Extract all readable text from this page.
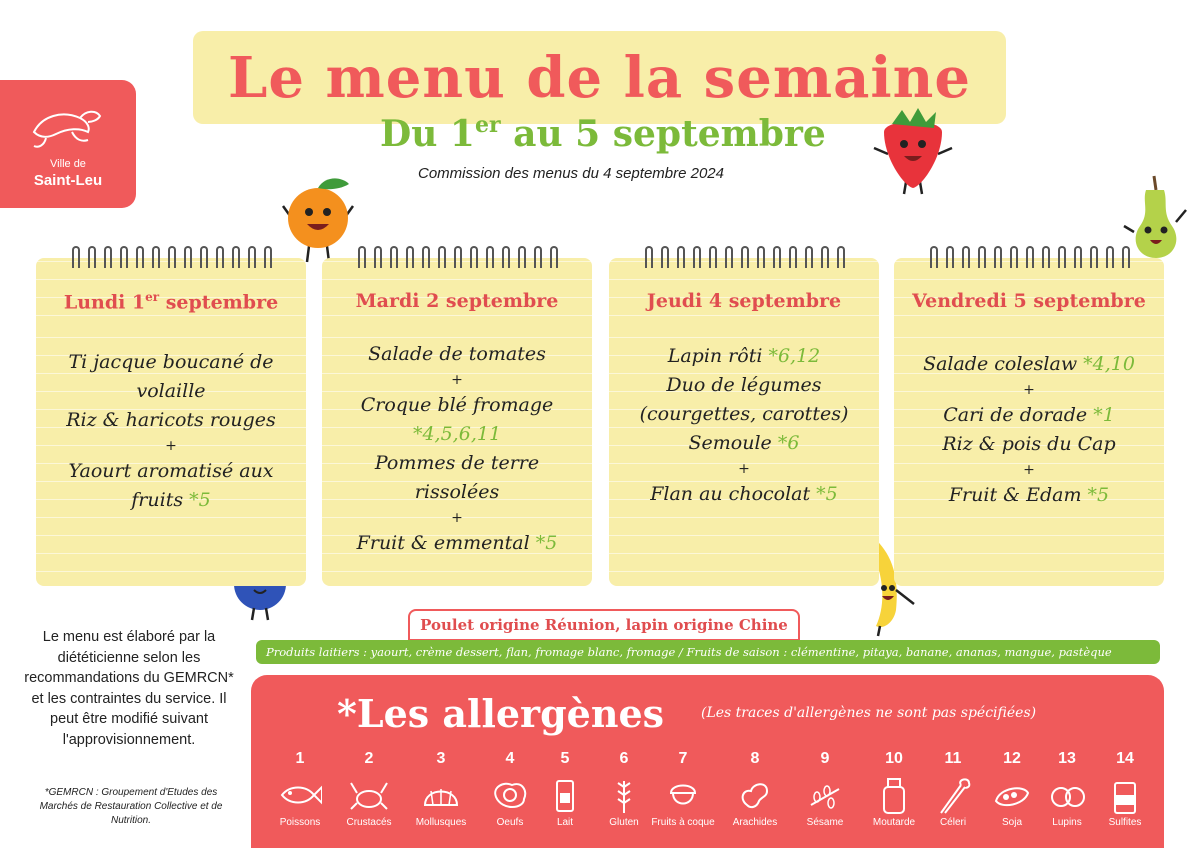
Ville de
Saint-Leu
Le menu de la semaine
Du 1er au 5 septembre
Commission des menus du 4 septembre 2024
Lundi 1er septembre
Ti jacque boucané de volaille
Riz & haricots rouges
+
Yaourt aromatisé aux fruits *5
Mardi 2 septembre
Salade de tomates
+
Croque blé fromage
*4,5,6,11
Pommes de terre rissolées
+
Fruit & emmental *5
Jeudi 4 septembre
Lapin rôti *6,12
Duo de légumes
(courgettes, carottes)
Semoule *6
+
Flan au chocolat *5
Vendredi 5 septembre
Salade coleslaw *4,10
+
Cari de dorade *1
Riz & pois du Cap
+
Fruit & Edam *5
Poulet origine Réunion, lapin origine Chine
Produits laitiers : yaourt, crème dessert, flan, fromage blanc, fromage / Fruits de saison : clémentine, pitaya, banane, ananas, mangue, pastèque
Le menu est élaboré par la diététicienne selon les recommandations du GEMRCN* et les contraintes du service. Il peut être modifié suivant l'approvisionnement.
*GEMRCN : Groupement d'Etudes des Marchés de Restauration Collective et de Nutrition.
*Les allergènes	(Les traces d'allergènes ne sont pas spécifiées)
1
Poissons
2
Crustacés
3
Mollusques
4
Oeufs
5
Lait
6
Gluten
7
Fruits à coque
8
Arachides
9
Sésame
10
Moutarde
11
Céleri
12
Soja
13
Lupins
14
Sulfites
